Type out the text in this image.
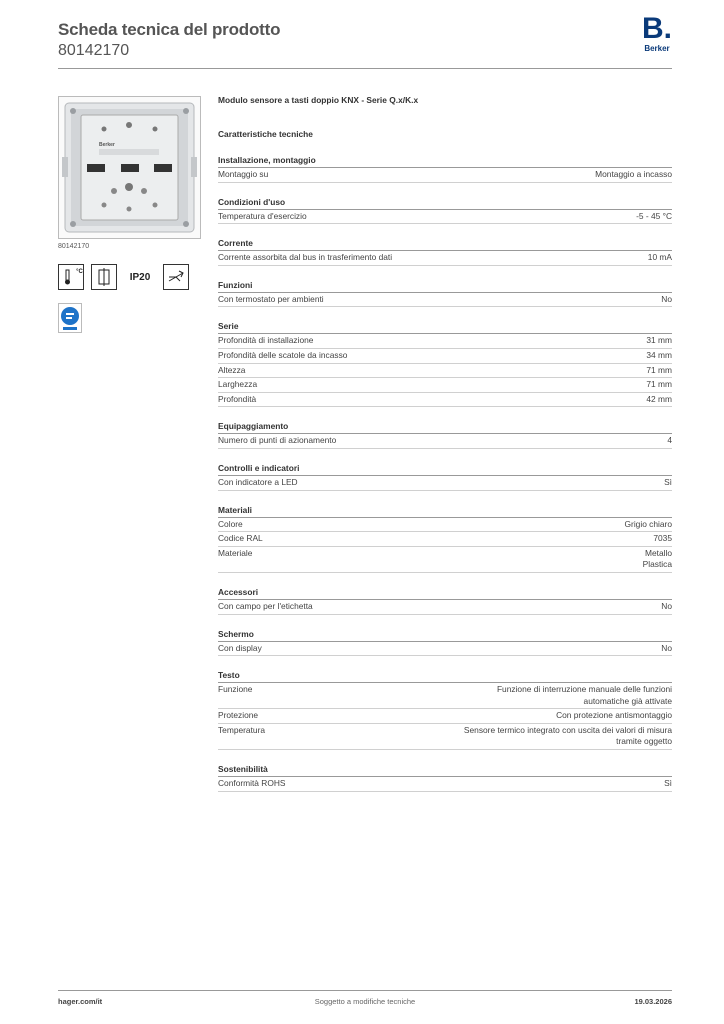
Scheda tecnica del prodotto
80142170
B.
Berker
Berker
80142170
°C	IP20
Modulo sensore a tasti doppio KNX - Serie Q.x/K.x
Caratteristiche tecniche
Installazione, montaggio
Montaggio su	Montaggio a incasso
Condizioni d'uso
Temperatura d'esercizio	-5 - 45 °C
Corrente
Corrente assorbita dal bus in trasferimento dati	10 mA
Funzioni
Con termostato per ambienti	No
Serie
Profondità di installazione	31 mm
Profondità delle scatole da incasso	34 mm
Altezza	71 mm
Larghezza	71 mm
Profondità	42 mm
Equipaggiamento
Numero di punti di azionamento	4
Controlli e indicatori
Con indicatore a LED	Sì
Materiali
Colore	Grigio chiaro
Codice RAL	7035
Materiale	Metallo
Plastica
Accessori
Con campo per l'etichetta	No
Schermo
Con display	No
Testo
Funzione	Funzione di interruzione manuale delle funzioni
automatiche già attivate
Protezione	Con protezione antismontaggio
Temperatura	Sensore termico integrato con uscita dei valori di misura
tramite oggetto
Sostenibilità
Conformità ROHS	Sì
hager.com/it	Soggetto a modifiche tecniche	19.03.2026
